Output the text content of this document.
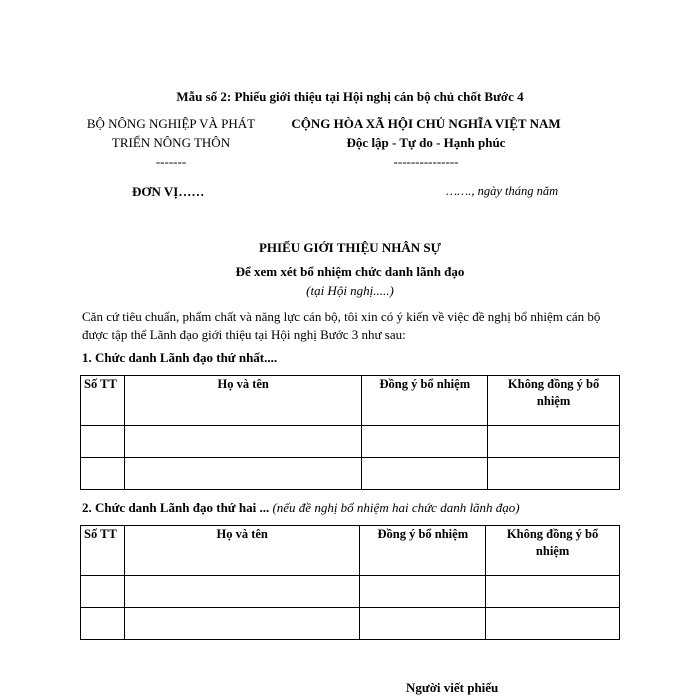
Mẫu số 2: Phiếu giới thiệu tại Hội nghị cán bộ chủ chốt Bước 4
BỘ NÔNG NGHIỆP VÀ PHÁT
TRIỂN NÔNG THÔN
-------
CỘNG HÒA XÃ HỘI CHỦ NGHĨA VIỆT NAM
Độc lập - Tự do - Hạnh phúc
---------------
ĐƠN VỊ……	……., ngày tháng năm
PHIẾU GIỚI THIỆU NHÂN SỰ
Để xem xét bổ nhiệm chức danh lãnh đạo
(tại Hội nghị.....)
Căn cứ tiêu chuẩn, phẩm chất và năng lực cán bộ, tôi xin có ý kiến về việc đề nghị bổ nhiệm cán bộ được tập thể Lãnh đạo giới thiệu tại Hội nghị Bước 3 như sau:
1. Chức danh Lãnh đạo thứ nhất....
Số TT	Họ và tên	Đồng ý bổ nhiệm	Không đồng ý bổ nhiệm

2. Chức danh Lãnh đạo thứ hai ... (nếu đề nghị bổ nhiệm hai chức danh lãnh đạo)
Số TT	Họ và tên	Đồng ý bổ nhiệm	Không đồng ý bổ nhiệm

Người viết phiếu
